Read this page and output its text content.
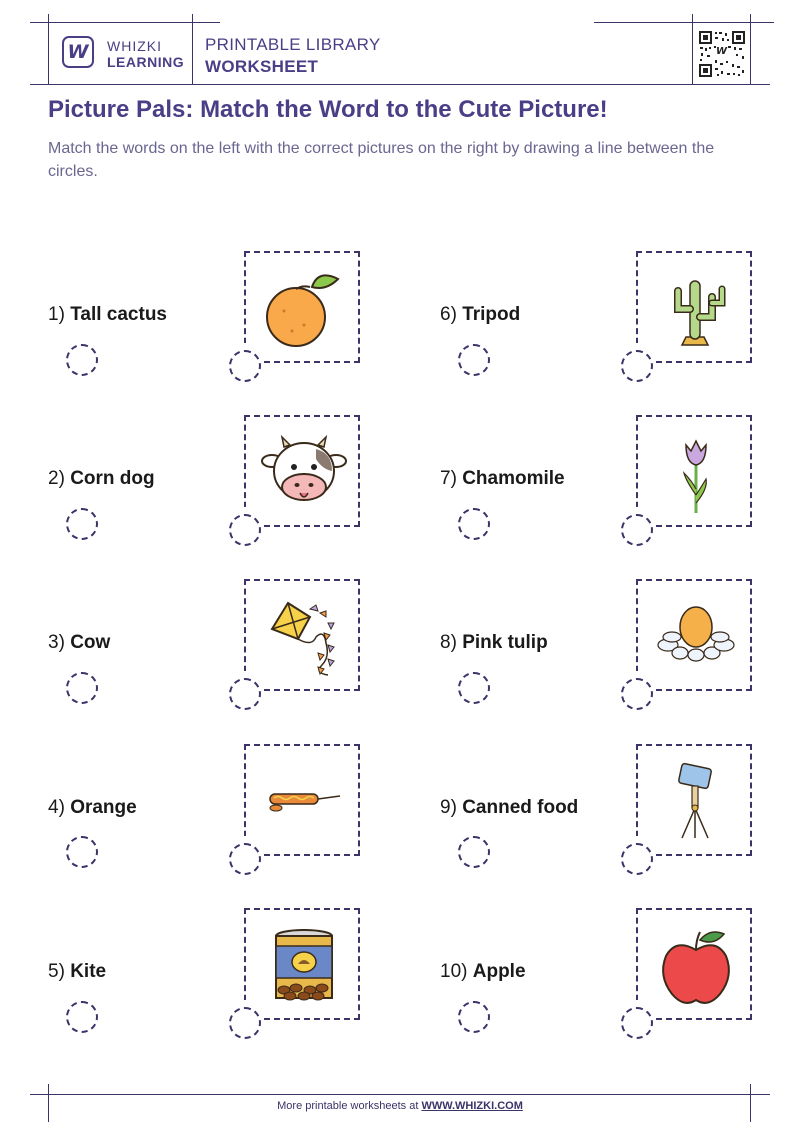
W WHIZKI
LEARNING
PRINTABLE LIBRARY
WORKSHEET
W
Picture Pals: Match the Word to the Cute Picture!
Match the words on the left with the correct pictures on the right by drawing a line between the circles.
1) Tall cactus
2) Corn dog
3) Cow
4) Orange
5) Kite
6) Tripod
7) Chamomile
8) Pink tulip
9) Canned food
10) Apple
More printable worksheets at WWW.WHIZKI.COM
